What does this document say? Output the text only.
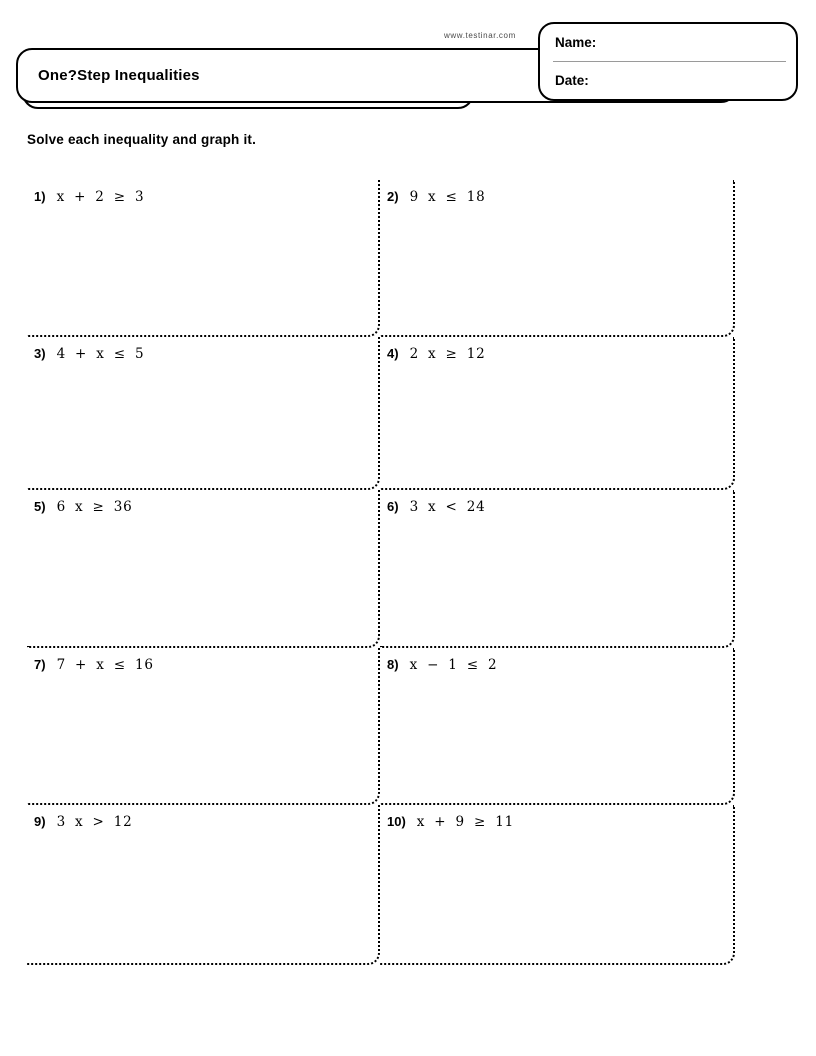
www.testinar.com
One?Step Inequalities
Name:
Date:
Solve each inequality and graph it.
1) x + 2 ≥ 3	2) 9 x ≤ 18
3) 4 + x ≤ 5	4) 2 x ≥ 12
5) 6 x ≥ 36	6) 3 x < 24
7) 7 + x ≤ 16	8) x − 1 ≤ 2
9) 3 x > 12	10) x + 9 ≥ 11
